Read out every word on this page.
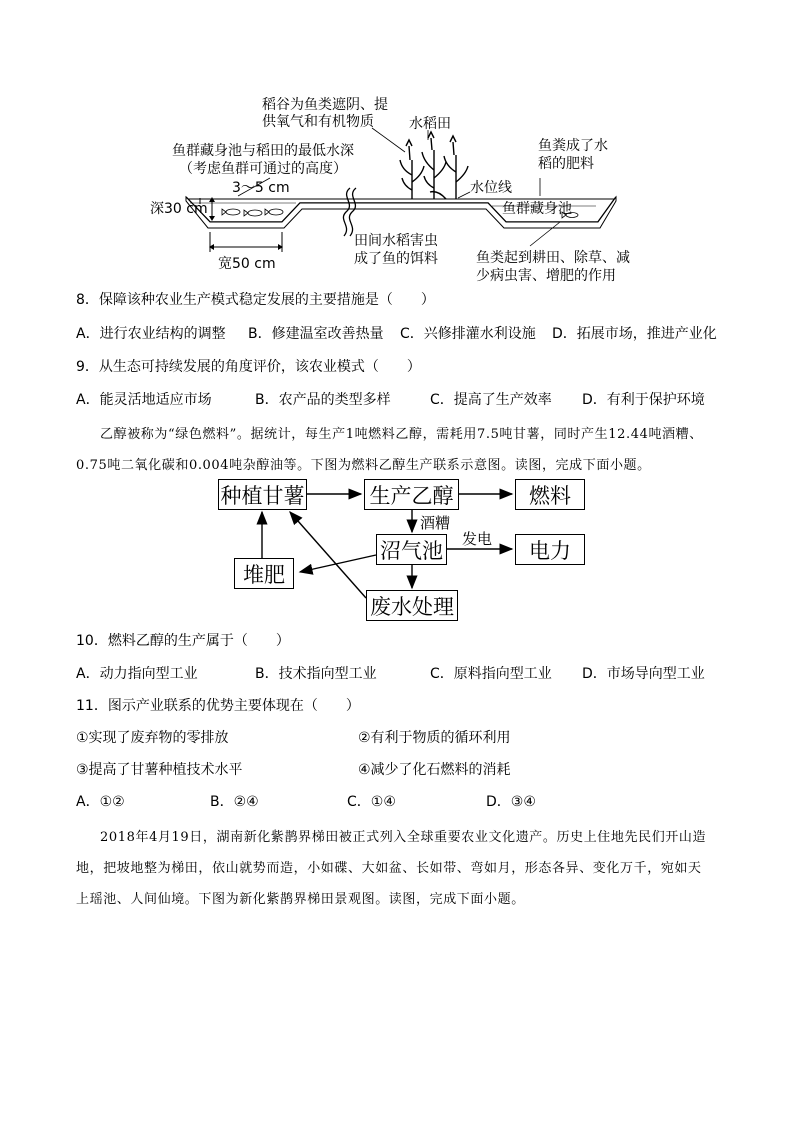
稻谷为鱼类遮阴、提
供氧气和有机物质	水稻田
鱼群藏身池与稻田的最低水深
（考虑鱼群可通过的高度）
3～5 cm
深30 cm
宽50 cm
田间水稻害虫
成了鱼的饵料
水位线
鱼粪成了水
稻的肥料
鱼群藏身池
鱼类起到耕田、除草、减
少病虫害、增肥的作用
8．保障该种农业生产模式稳定发展的主要措施是（　　）
A．进行农业结构的调整 B．修建温室改善热量 C．兴修排灌水利设施 D．拓展市场，推进产业化
9．从生态可持续发展的角度评价，该农业模式（　　）
A．能灵活地适应市场	B．农产品的类型多样	C．提高了生产效率 D．有利于保护环境
乙醇被称为“绿色燃料”。据统计，每生产1吨燃料乙醇，需耗用7.5吨甘薯，同时产生12.44吨酒糟、
0.75吨二氧化碳和0.004吨杂醇油等。下图为燃料乙醇生产联系示意图。读图，完成下面小题。
种植甘薯	生产乙醇	燃料
酒糟
沼气池 发电	电力
堆肥
废水处理
10．燃料乙醇的生产属于（　　）
A．动力指向型工业	B．技术指向型工业	C．原料指向型工业 D．市场导向型工业
11．图示产业联系的优势主要体现在（　　）
①实现了废弃物的零排放	②有利于物质的循环利用
③提高了甘薯种植技术水平	④减少了化石燃料的消耗
A．①②	B．②④	C．①④	D．③④
2018年4月19日，湖南新化紫鹊界梯田被正式列入全球重要农业文化遗产。历史上住地先民们开山造
地，把坡地整为梯田，依山就势而造，小如碟、大如盆、长如带、弯如月，形态各异、变化万千，宛如天
上瑶池、人间仙境。下图为新化紫鹊界梯田景观图。读图，完成下面小题。
